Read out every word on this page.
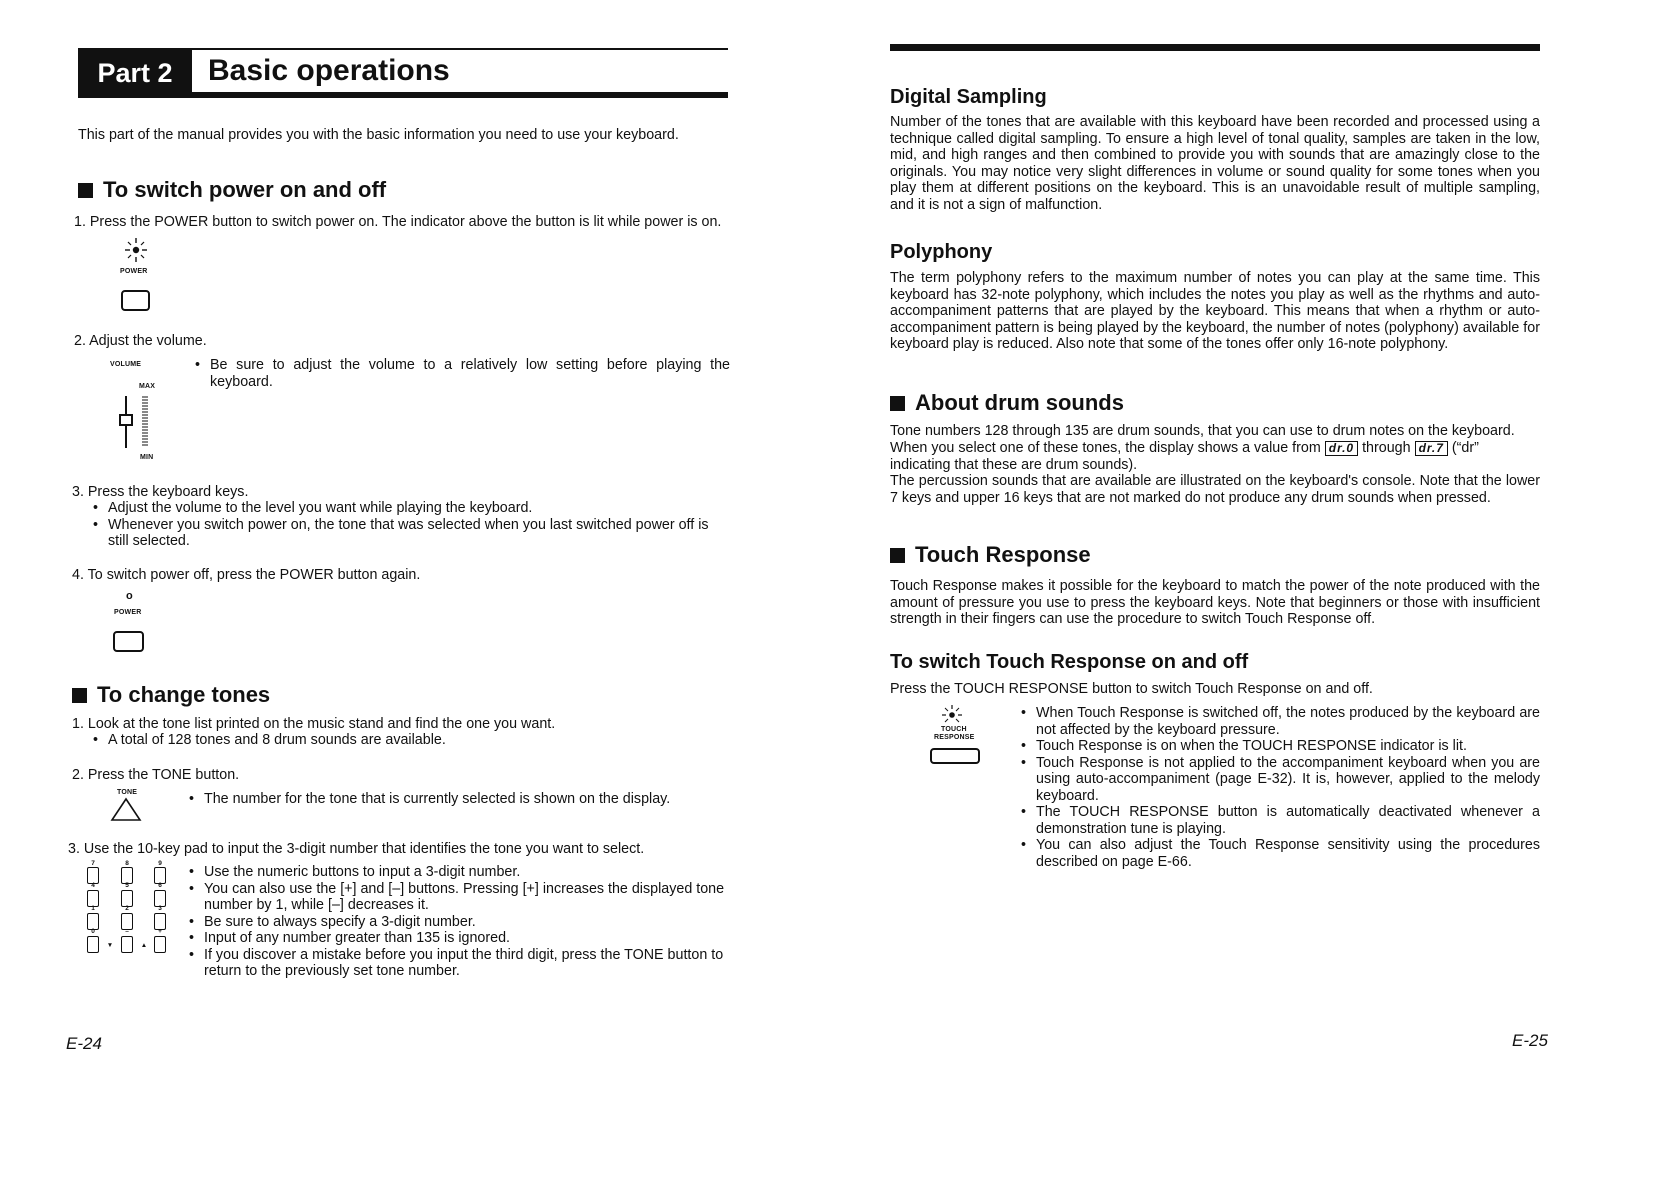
Part 2	Basic operations
This part of the manual provides you with the basic information you need to use your keyboard.
To switch power on and off
1. Press the POWER button to switch power on. The indicator above the button is lit while power is on.
POWER
2. Adjust the volume.
VOLUME
MAX
MIN
• Be sure to adjust the volume to a relatively low setting before playing the keyboard.
3. Press the keyboard keys.
• Adjust the volume to the level you want while playing the keyboard.
• Whenever you switch power on, the tone that was selected when you last switched power off is still selected.
4. To switch power off, press the POWER button again.
o
POWER
To change tones
1. Look at the tone list printed on the music stand and find the one you want.
• A total of 128 tones and 8 drum sounds are available.
2. Press the TONE button.
TONE
•	The number for the tone that is currently selected is shown on the display.
3. Use the 10-key pad to input the 3-digit number that identifies the tone you want to select.
7	8	9
4	5	6
1	2	3
0	–	+
▼	▲
• Use the numeric buttons to input a 3-digit number.
• You can also use the [+] and [–] buttons. Pressing [+] increases the displayed tone number by 1, while [–] decreases it.
• Be sure to always specify a 3-digit number.
• Input of any number greater than 135 is ignored.
• If you discover a mistake before you input the third digit, press the TONE button to return to the previously set tone number.
E-24
Digital Sampling
Number of the tones that are available with this keyboard have been recorded and processed using a technique called digital sampling. To ensure a high level of tonal quality, samples are taken in the low, mid, and high ranges and then combined to provide you with sounds that are amazingly close to the originals. You may notice very slight differences in volume or sound quality for some tones when you play them at different positions on the keyboard. This is an unavoidable result of multiple sampling, and it is not a sign of malfunction.
Polyphony
The term polyphony refers to the maximum number of notes you can play at the same time. This keyboard has 32-note polyphony, which includes the notes you play as well as the rhythms and auto-accompaniment patterns that are played by the keyboard. This means that when a rhythm or auto-accompaniment pattern is being played by the keyboard, the number of notes (polyphony) available for keyboard play is reduced. Also note that some of the tones offer only 16-note polyphony.
About drum sounds
Tone numbers 128 through 135 are drum sounds, that you can use to drum notes on the keyboard.
When you select one of these tones, the display shows a value from dr.0 through dr.7 (“dr”
indicating that these are drum sounds).
The percussion sounds that are available are illustrated on the keyboard's console. Note that the lower 7 keys and upper 16 keys that are not marked do not produce any drum sounds when pressed.
Touch Response
Touch Response makes it possible for the keyboard to match the power of the note produced with the amount of pressure you use to press the keyboard keys. Note that beginners or those with insufficient strength in their fingers can use the procedure to switch Touch Response off.
To switch Touch Response on and off
Press the TOUCH RESPONSE button to switch Touch Response on and off.
TOUCH
RESPONSE
• When Touch Response is switched off, the notes produced by the keyboard are not affected by the keyboard pressure.
• Touch Response is on when the TOUCH RESPONSE indicator is lit.
• Touch Response is not applied to the accompaniment keyboard when you are using auto-accompaniment (page E-32). It is, however, applied to the melody keyboard.
• The TOUCH RESPONSE button is automatically deactivated whenever a demonstration tune is playing.
• You can also adjust the Touch Response sensitivity using the procedures described on page E-66.
E-25
